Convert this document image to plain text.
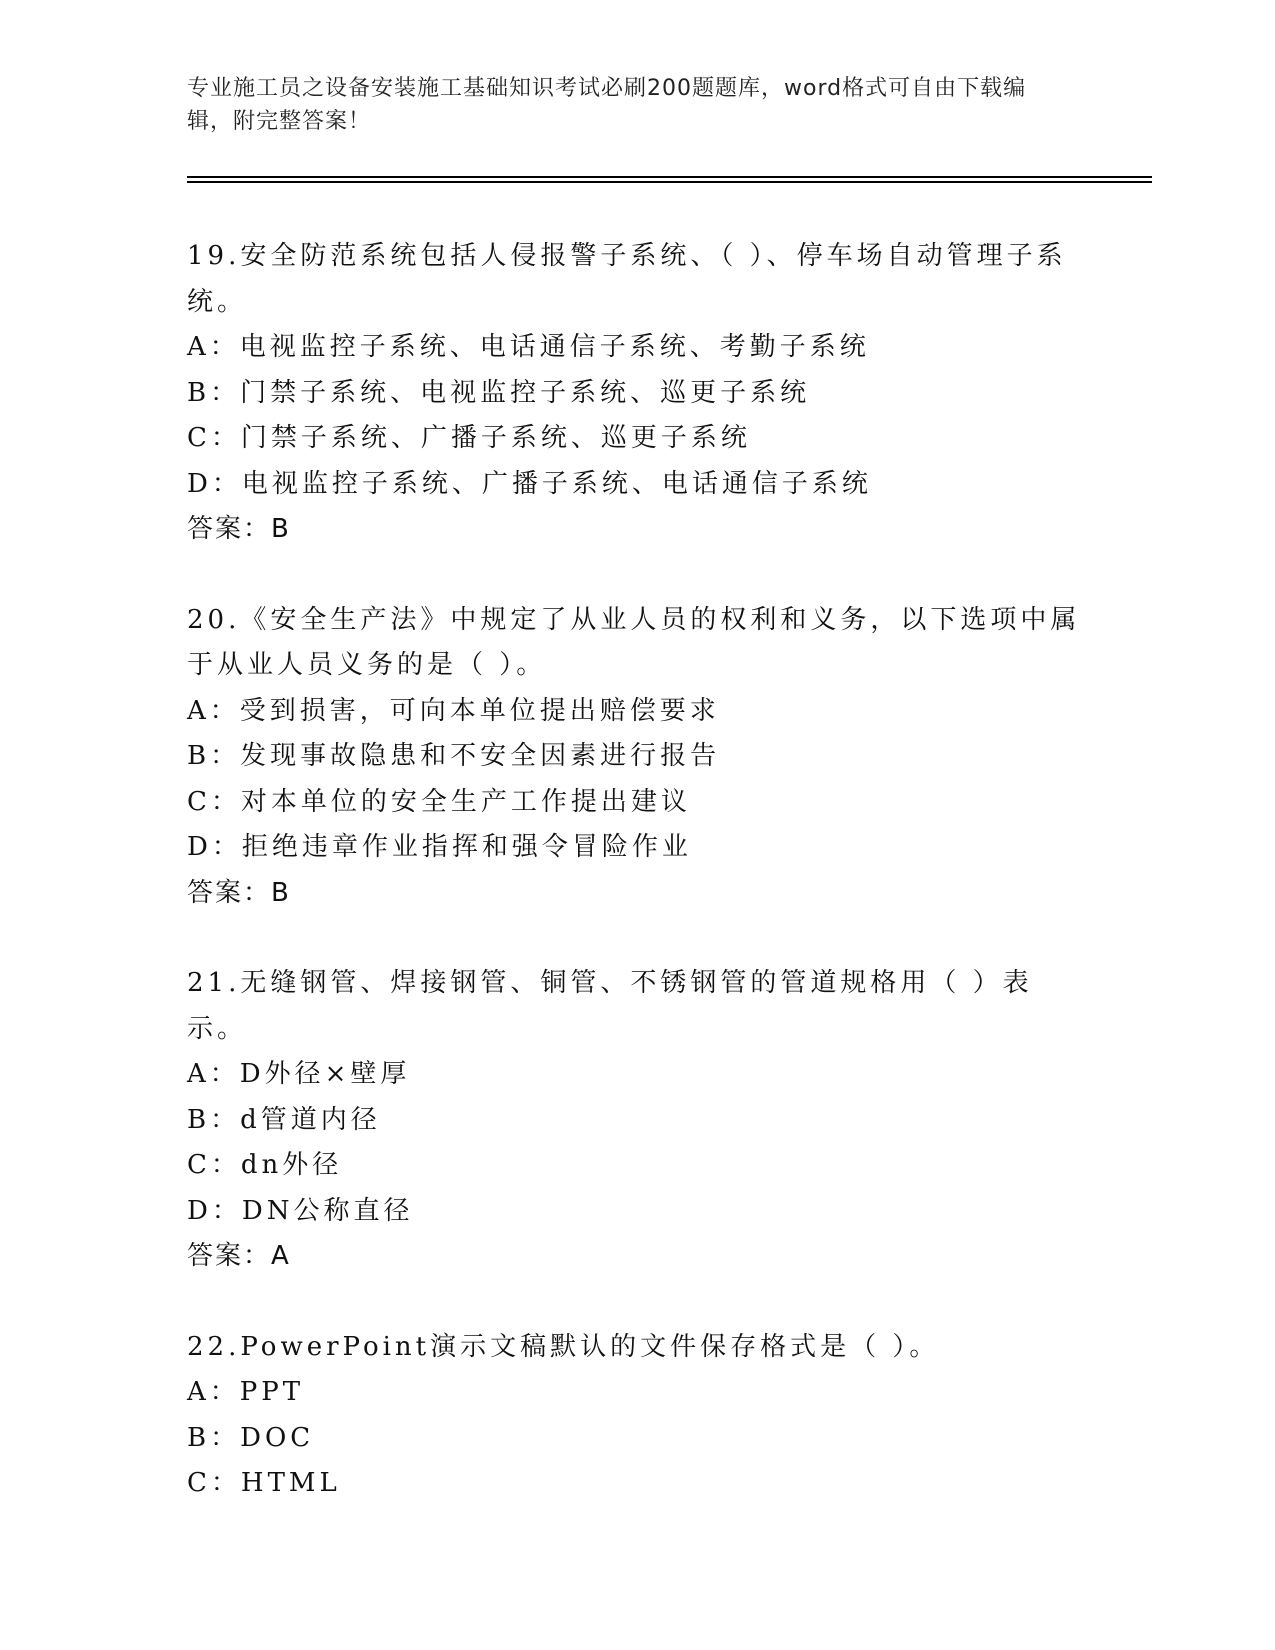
专业施工员之设备安装施工基础知识考试必刷200题题库，word格式可自由下载编辑，附完整答案！
19.安全防范系统包括人侵报警子系统、（ ）、停车场自动管理子系统。
A：电视监控子系统、电话通信子系统、考勤子系统
B：门禁子系统、电视监控子系统、巡更子系统
C：门禁子系统、广播子系统、巡更子系统
D：电视监控子系统、广播子系统、电话通信子系统
答案：B
20.《安全生产法》中规定了从业人员的权利和义务，以下选项中属于从业人员义务的是（ ）。
A：受到损害，可向本单位提出赔偿要求
B：发现事故隐患和不安全因素进行报告
C：对本单位的安全生产工作提出建议
D：拒绝违章作业指挥和强令冒险作业
答案：B
21.无缝钢管、焊接钢管、铜管、不锈钢管的管道规格用（ ）表示。
A：D外径×壁厚
B：d管道内径
C：dn外径
D：DN公称直径
答案：A
22.PowerPoint演示文稿默认的文件保存格式是（ ）。
A：PPT
B：DOC
C：HTML
